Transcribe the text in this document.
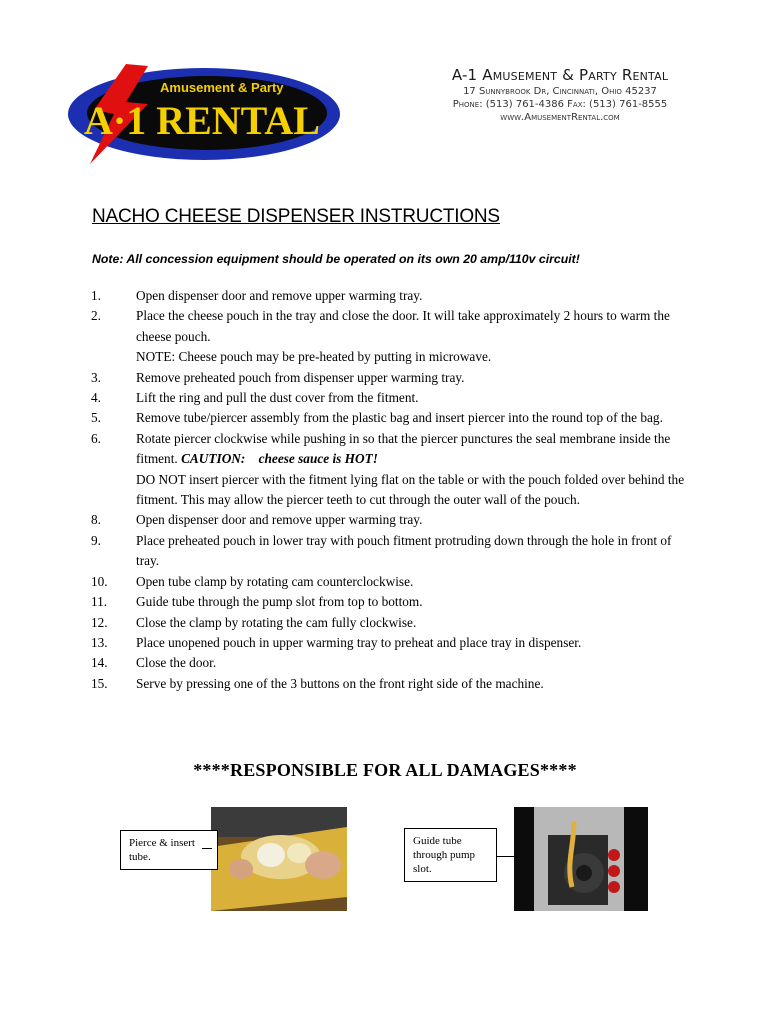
Amusement & Party
A·1 RENTAL
A-1 Amusement & Party Rental
17 Sunnybrook Dr, Cincinnati, Ohio 45237
Phone: (513) 761-4386 Fax: (513) 761-8555
www.AmusementRental.com
NACHO CHEESE DISPENSER INSTRUCTIONS
Note: All concession equipment should be operated on its own 20 amp/110v circuit!
1.	Open dispenser door and remove upper warming tray.
2.	Place the cheese pouch in the tray and close the door. It will take approximately 2 hours to warm the cheese pouch.
NOTE: Cheese pouch may be pre-heated by putting in microwave.
3.	Remove preheated pouch from dispenser upper warming tray.
4.	Lift the ring and pull the dust cover from the fitment.
5.	Remove tube/piercer assembly from the plastic bag and insert piercer into the round top of the bag.
6.	Rotate piercer clockwise while pushing in so that the piercer punctures the seal membrane inside the fitment. CAUTION:    cheese sauce is HOT!
DO NOT insert piercer with the fitment lying flat on the table or with the pouch folded over behind the fitment. This may allow the piercer teeth to cut through the outer wall of the pouch.
8.	Open dispenser door and remove upper warming tray.
9.	Place preheated pouch in lower tray with pouch fitment protruding down through the hole in front of tray.
10.	Open tube clamp by rotating cam counterclockwise.
11.	Guide tube through the pump slot from top to bottom.
12.	Close the clamp by rotating the cam fully clockwise.
13.	Place unopened pouch in upper warming tray to preheat and place tray in dispenser.
14.	Close the door.
15.	Serve by pressing one of the 3 buttons on the front right side of the machine.
****RESPONSIBLE FOR ALL DAMAGES****
Pierce & insert tube.
Guide tube through pump slot.
